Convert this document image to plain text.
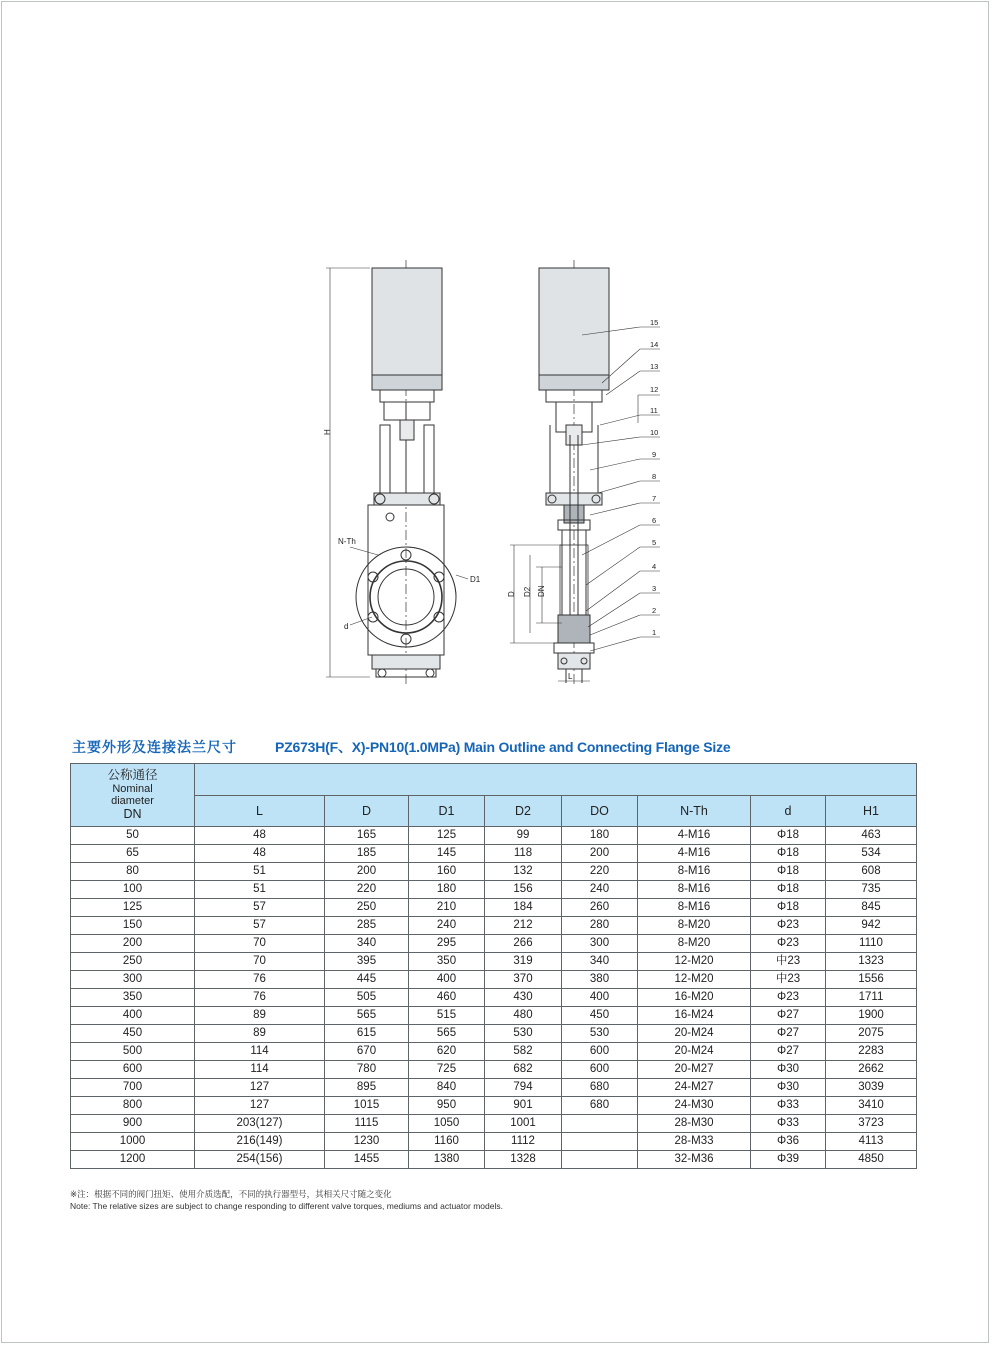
H
N-Th
D1
d
D D2 DN
L
15
14
13
12
11
10
9
8
7
6
5
4
3
2
1
主要外形及连接法兰尺寸	PZ673H(F、X)-PN10(1.0MPa) Main Outline and Connecting Flange Size
公称通径
Nominal
diameter
DN								

	L	D	D1	D2	DO	N-Th	d	H1
50	48	165	125	99	180	4-M16	Φ18	463
65	48	185	145	118	200	4-M16	Φ18	534
80	51	200	160	132	220	8-M16	Φ18	608
100	51	220	180	156	240	8-M16	Φ18	735
125	57	250	210	184	260	8-M16	Φ18	845
150	57	285	240	212	280	8-M20	Φ23	942
200	70	340	295	266	300	8-M20	Φ23	1110
250	70	395	350	319	340	12-M20	中23	1323
300	76	445	400	370	380	12-M20	中23	1556
350	76	505	460	430	400	16-M20	Φ23	1711
400	89	565	515	480	450	16-M24	Φ27	1900
450	89	615	565	530	530	20-M24	Φ27	2075
500	114	670	620	582	600	20-M24	Φ27	2283
600	114	780	725	682	600	20-M27	Φ30	2662
700	127	895	840	794	680	24-M27	Φ30	3039
800	127	1015	950	901	680	24-M30	Φ33	3410
900	203(127)	1115	1050	1001		28-M30	Φ33	3723
1000	216(149)	1230	1160	1112		28-M33	Φ36	4113
1200	254(156)	1455	1380	1328		32-M36	Φ39	4850
※注：根据不同的阀门扭矩、使用介质选配，不同的执行器型号，其相关尺寸随之变化
Note: The relative sizes are subject to change responding to different valve torques, mediums and actuator models.
